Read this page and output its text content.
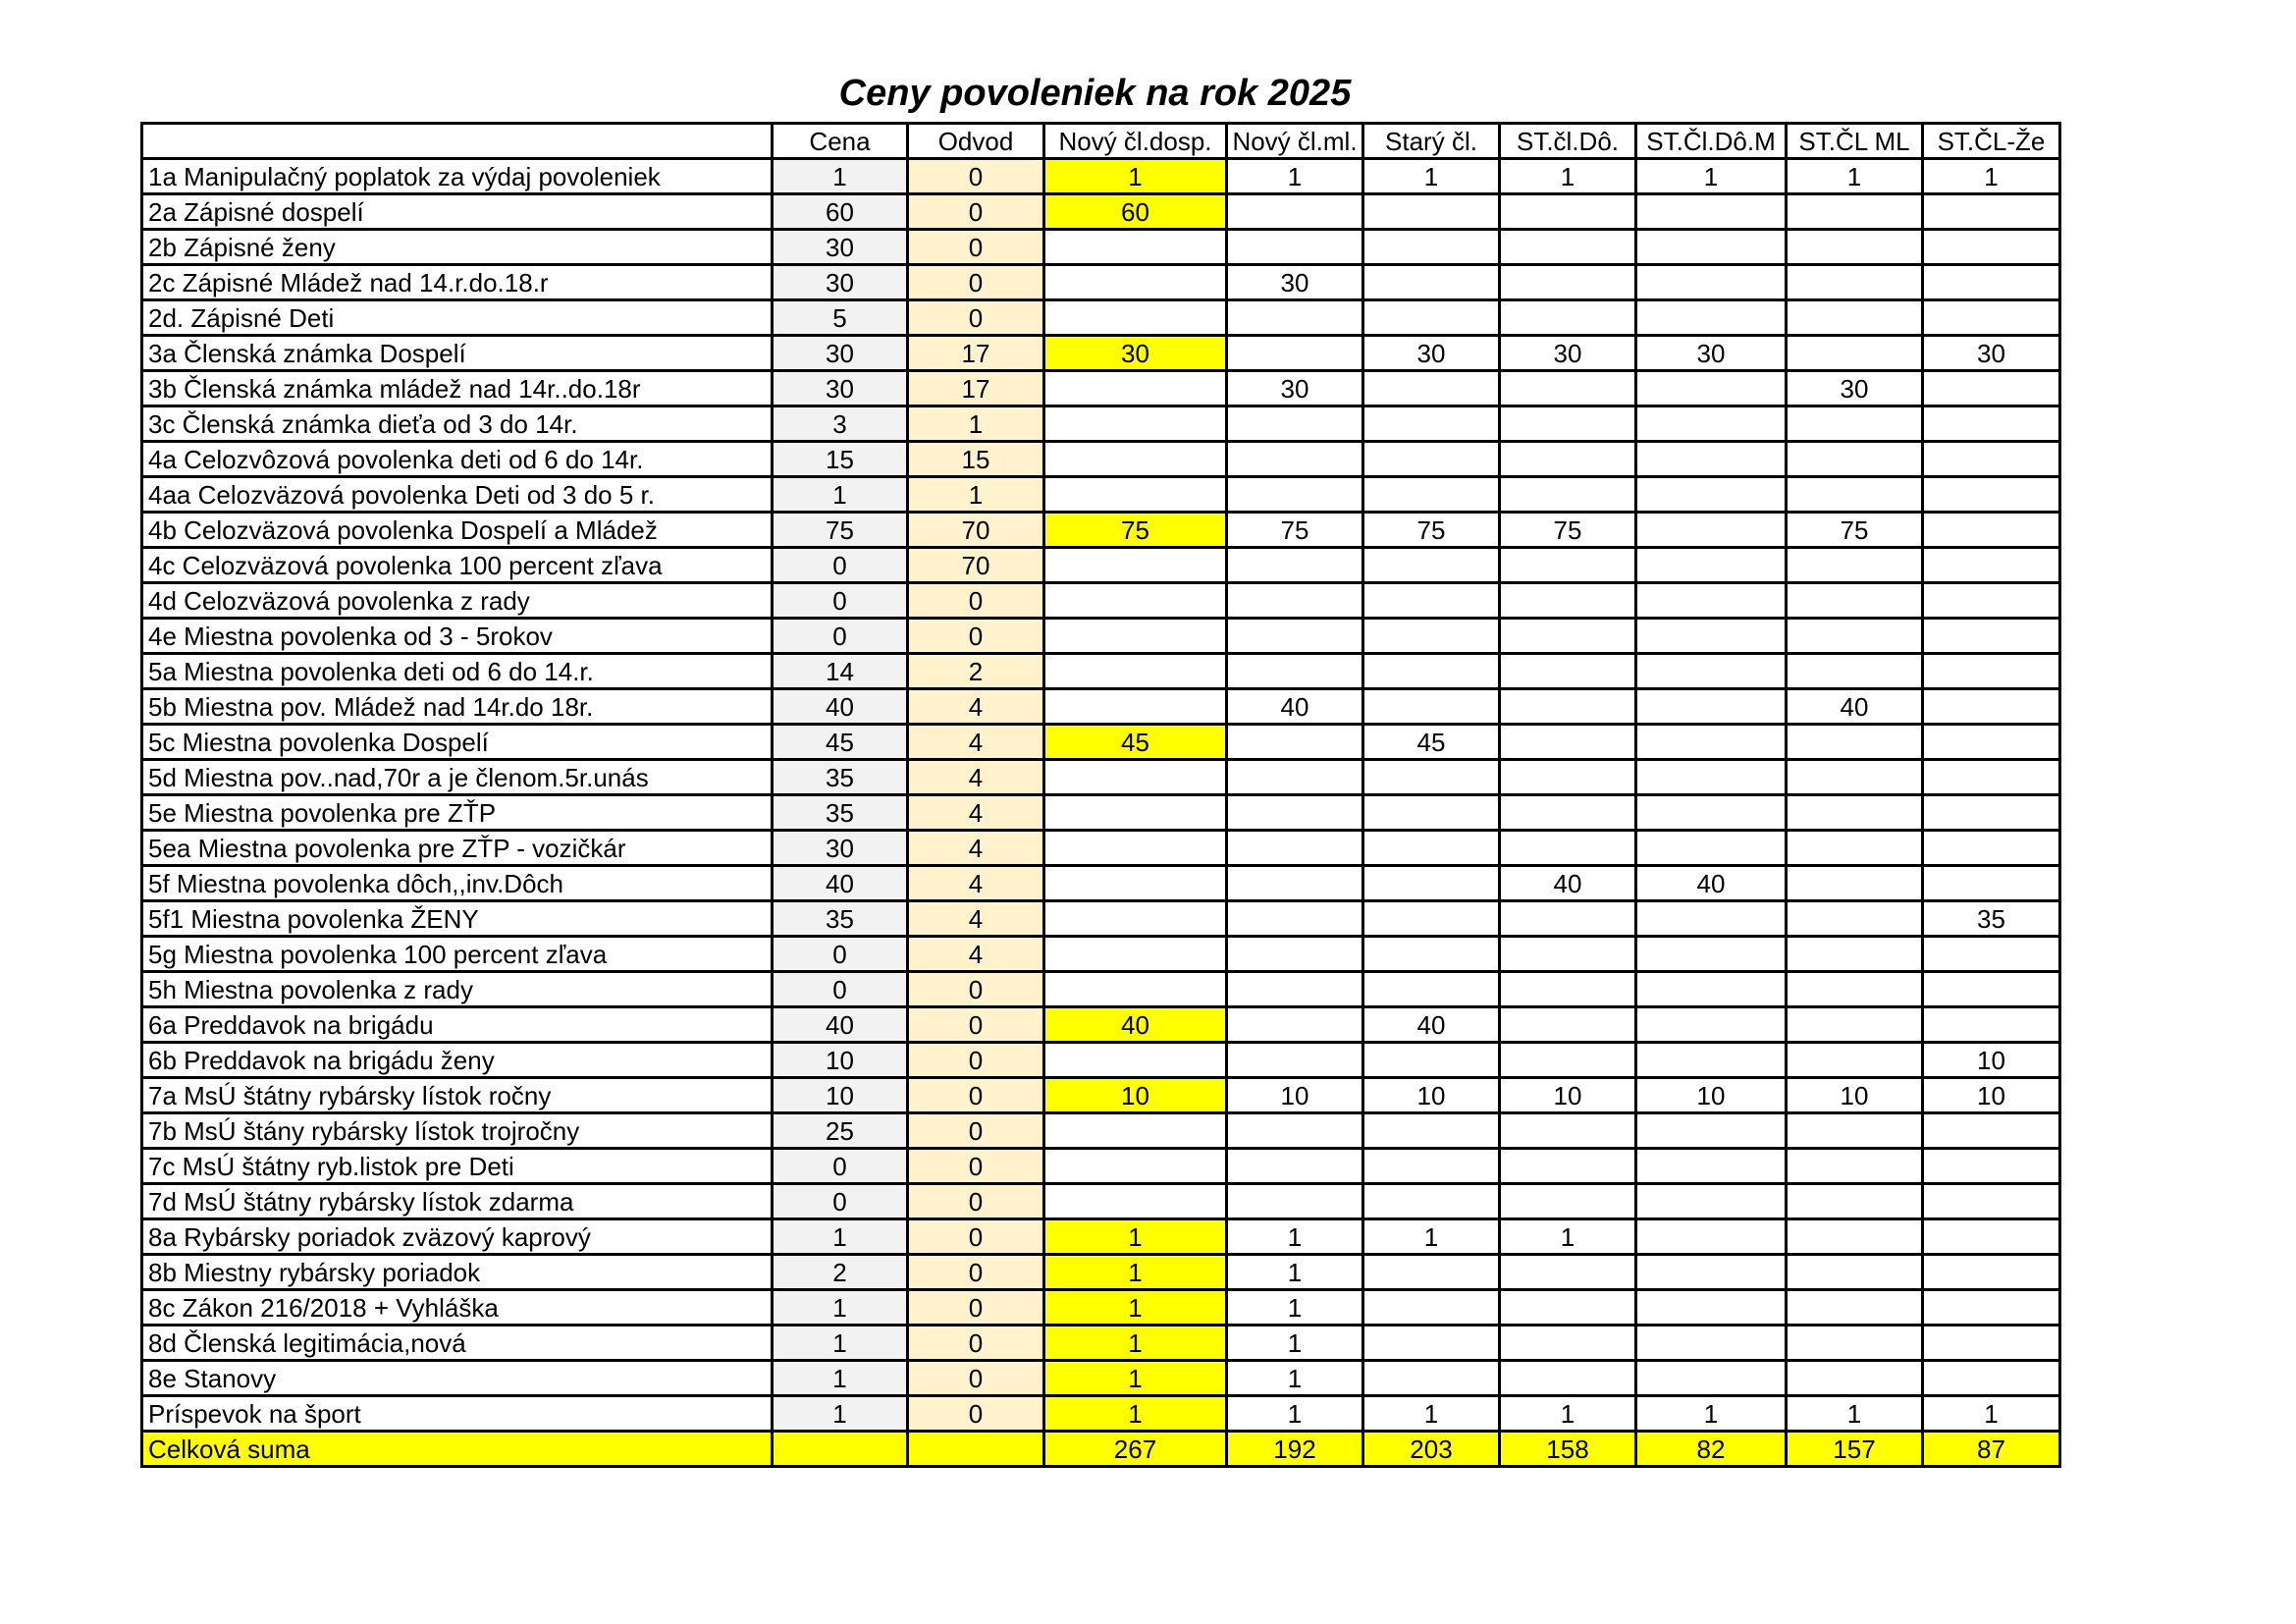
Ceny povoleniek na rok 2025
	Cena	Odvod	Nový čl.dosp.	Nový čl.ml.	Starý čl.	ST.čl.Dô.	ST.Čl.Dô.M	ST.ČL ML	ST.ČL-Že
1a Manipulačný poplatok za výdaj povoleniek	1	0	1	1	1	1	1	1	1
2a Zápisné dospelí	60	0	60						
2b Zápisné ženy	30	0							
2c Zápisné Mládež nad 14.r.do.18.r	30	0		30					
2d. Zápisné Deti	5	0							
3a Členská známka Dospelí	30	17	30		30	30	30		30
3b Členská známka mládež nad 14r..do.18r	30	17		30				30	
3c Členská známka dieťa od 3 do 14r.	3	1							
4a Celozvôzová povolenka deti od 6 do 14r.	15	15							
4aa Celozväzová povolenka Deti od 3 do 5 r.	1	1							
4b Celozväzová povolenka Dospelí a Mládež	75	70	75	75	75	75		75	
4c Celozväzová povolenka 100 percent zľava	0	70							
4d Celozväzová povolenka z rady	0	0							
4e Miestna povolenka od 3 - 5rokov	0	0							
5a Miestna povolenka deti od 6 do 14.r.	14	2							
5b Miestna pov. Mládež nad 14r.do 18r.	40	4		40				40	
5c Miestna povolenka Dospelí	45	4	45		45				
5d Miestna pov..nad,70r a je členom.5r.unás	35	4							
5e Miestna povolenka pre ZŤP	35	4							
5ea Miestna povolenka pre ZŤP - vozičkár	30	4							
5f Miestna povolenka dôch,,inv.Dôch	40	4				40	40		
5f1 Miestna povolenka ŽENY	35	4							35
5g Miestna povolenka 100 percent zľava	0	4							
5h Miestna povolenka z rady	0	0							
6a Preddavok na brigádu	40	0	40		40				
6b Preddavok na brigádu ženy	10	0							10
7a MsÚ štátny rybársky lístok ročny	10	0	10	10	10	10	10	10	10
7b MsÚ štány rybársky lístok trojročny	25	0							
7c MsÚ štátny ryb.listok pre Deti	0	0							
7d MsÚ štátny rybársky lístok zdarma	0	0							
8a Rybársky poriadok zväzový kaprový	1	0	1	1	1	1			
8b Miestny rybársky poriadok	2	0	1	1					
8c Zákon 216/2018 + Vyhláška	1	0	1	1					
8d Členská legitimácia,nová	1	0	1	1					
8e Stanovy	1	0	1	1					
Príspevok na šport	1	0	1	1	1	1	1	1	1
Celková suma			267	192	203	158	82	157	87
